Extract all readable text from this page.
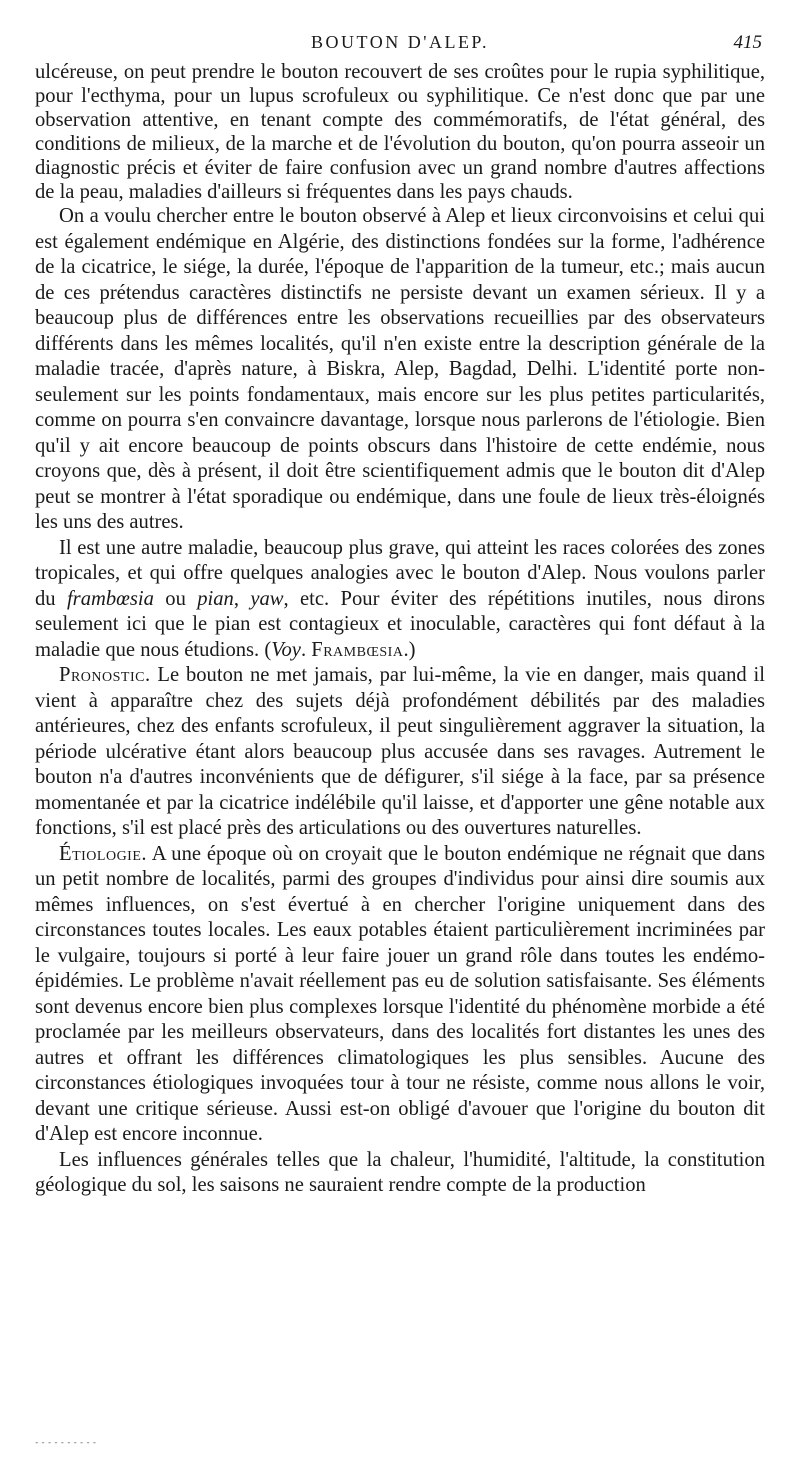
BOUTON D'ALEP.	415

ulcéreuse, on peut prendre le bouton recouvert de ses croûtes pour le rupia syphilitique, pour l'ecthyma, pour un lupus scrofuleux ou syphilitique. Ce n'est donc que par une observation attentive, en tenant compte des commémoratifs, de l'état général, des conditions de milieux, de la marche et de l'évolution du bouton, qu'on pourra asseoir un diagnostic précis et éviter de faire confusion avec un grand nombre d'autres affections de la peau, maladies d'ailleurs si fréquentes dans les pays chauds.

On a voulu chercher entre le bouton observé à Alep et lieux circonvoisins et celui qui est également endémique en Algérie, des distinctions fondées sur la forme, l'adhérence de la cicatrice, le siége, la durée, l'époque de l'apparition de la tumeur, etc.; mais aucun de ces prétendus caractères distinctifs ne persiste devant un examen sérieux. Il y a beaucoup plus de différences entre les observations recueillies par des observateurs différents dans les mêmes localités, qu'il n'en existe entre la description générale de la maladie tracée, d'après nature, à Biskra, Alep, Bagdad, Delhi. L'identité porte non-seulement sur les points fondamentaux, mais encore sur les plus petites particularités, comme on pourra s'en convaincre davantage, lorsque nous parlerons de l'étiologie. Bien qu'il y ait encore beaucoup de points obscurs dans l'histoire de cette endémie, nous croyons que, dès à présent, il doit être scientifiquement admis que le bouton dit d'Alep peut se montrer à l'état sporadique ou endémique, dans une foule de lieux très-éloignés les uns des autres.

Il est une autre maladie, beaucoup plus grave, qui atteint les races colorées des zones tropicales, et qui offre quelques analogies avec le bouton d'Alep. Nous voulons parler du frambœsia ou pian, yaw, etc. Pour éviter des répétitions inutiles, nous dirons seulement ici que le pian est contagieux et inoculable, caractères qui font défaut à la maladie que nous étudions. (Voy. Frambœsia.)

Pronostic. Le bouton ne met jamais, par lui-même, la vie en danger, mais quand il vient à apparaître chez des sujets déjà profondément débilités par des maladies antérieures, chez des enfants scrofuleux, il peut singulièrement aggraver la situation, la période ulcérative étant alors beaucoup plus accusée dans ses ravages. Autrement le bouton n'a d'autres inconvénients que de défigurer, s'il siége à la face, par sa présence momentanée et par la cicatrice indélébile qu'il laisse, et d'apporter une gêne notable aux fonctions, s'il est placé près des articulations ou des ouvertures naturelles.

Étiologie. A une époque où on croyait que le bouton endémique ne régnait que dans un petit nombre de localités, parmi des groupes d'individus pour ainsi dire soumis aux mêmes influences, on s'est évertué à en chercher l'origine uniquement dans des circonstances toutes locales. Les eaux potables étaient particulièrement incriminées par le vulgaire, toujours si porté à leur faire jouer un grand rôle dans toutes les endémo-épidémies. Le problème n'avait réellement pas eu de solution satisfaisante. Ses éléments sont devenus encore bien plus complexes lorsque l'identité du phénomène morbide a été proclamée par les meilleurs observateurs, dans des localités fort distantes les unes des autres et offrant les différences climatologiques les plus sensibles. Aucune des circonstances étiologiques invoquées tour à tour ne résiste, comme nous allons le voir, devant une critique sérieuse. Aussi est-on obligé d'avouer que l'origine du bouton dit d'Alep est encore inconnue.

Les influences générales telles que la chaleur, l'humidité, l'altitude, la constitution géologique du sol, les saisons ne sauraient rendre compte de la production

----------
